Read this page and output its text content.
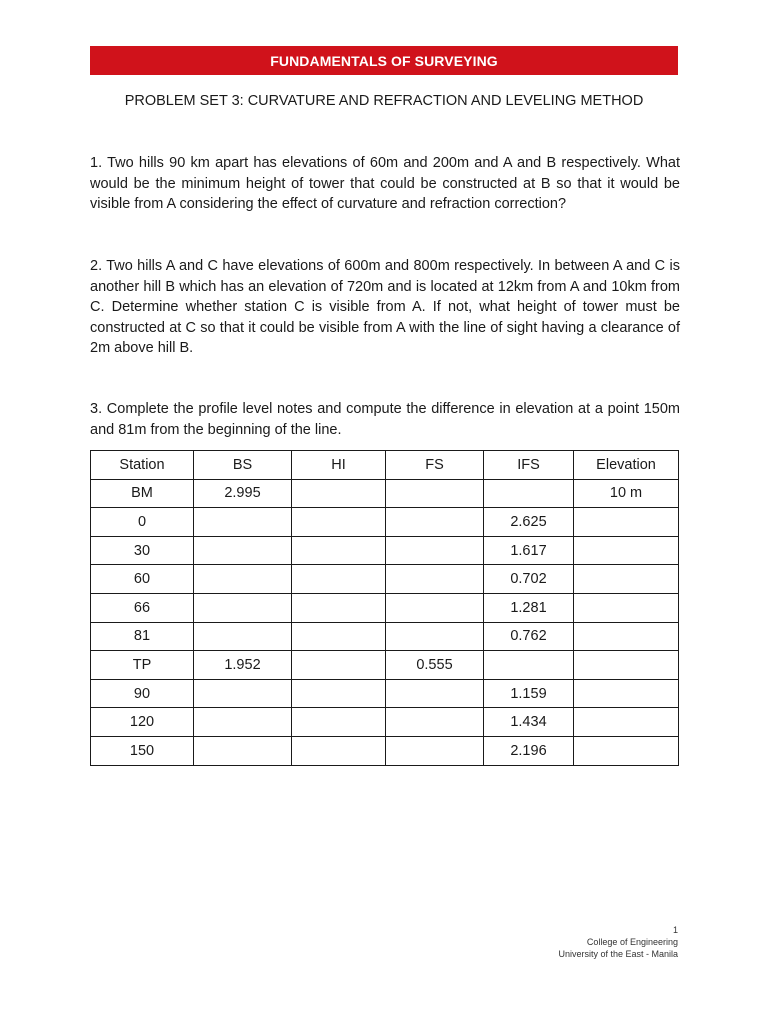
FUNDAMENTALS OF SURVEYING
PROBLEM SET 3: CURVATURE AND REFRACTION AND LEVELING METHOD
1. Two hills 90 km apart has elevations of 60m and 200m and A and B respectively. What would be the minimum height of tower that could be constructed at B so that it would be visible from A considering the effect of curvature and refraction correction?
2. Two hills A and C have elevations of 600m and 800m respectively. In between A and C is another hill B which has an elevation of 720m and is located at 12km from A and 10km from C. Determine whether station C is visible from A. If not, what height of tower must be constructed at C so that it could be visible from A with the line of sight having a clearance of 2m above hill B.
3. Complete the profile level notes and compute the difference in elevation at a point 150m and 81m from the beginning of the line.
Station	BS	HI	FS	IFS	Elevation
BM	2.995				10 m
0				2.625	
30				1.617	
60				0.702	
66				1.281	
81				0.762	
TP	1.952		0.555		
90				1.159	
120				1.434	
150				2.196	
1
College of Engineering
University of the East - Manila
